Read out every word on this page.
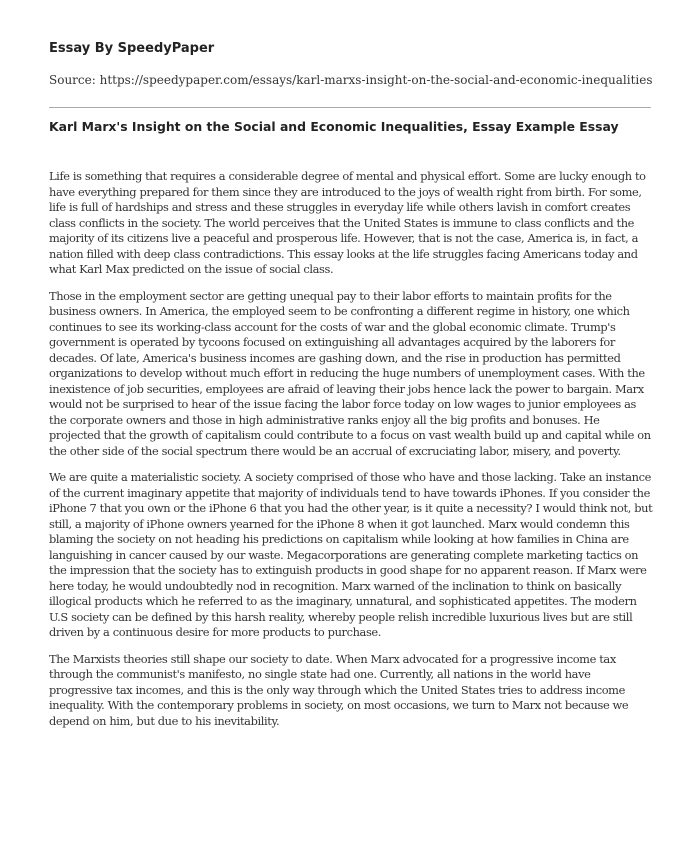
Essay By SpeedyPaper
Source: https://speedypaper.com/essays/karl-marxs-insight-on-the-social-and-economic-inequalities
Karl Marx's Insight on the Social and Economic Inequalities, Essay Example Essay

Life is something that requires a considerable degree of mental and physical effort. Some are lucky enough to have everything prepared for them since they are introduced to the joys of wealth right from birth. For some, life is full of hardships and stress and these struggles in everyday life while others lavish in comfort creates class conflicts in the society. The world perceives that the United States is immune to class conflicts and the majority of its citizens live a peaceful and prosperous life. However, that is not the case, America is, in fact, a nation filled with deep class contradictions. This essay looks at the life struggles facing Americans today and what Karl Max predicted on the issue of social class.

Those in the employment sector are getting unequal pay to their labor efforts to maintain profits for the business owners. In America, the employed seem to be confronting a different regime in history, one which continues to see its working-class account for the costs of war and the global economic climate. Trump's government is operated by tycoons focused on extinguishing all advantages acquired by the laborers for decades. Of late, America's business incomes are gashing down, and the rise in production has permitted organizations to develop without much effort in reducing the huge numbers of unemployment cases. With the inexistence of job securities, employees are afraid of leaving their jobs hence lack the power to bargain. Marx would not be surprised to hear of the issue facing the labor force today on low wages to junior employees as the corporate owners and those in high administrative ranks enjoy all the big profits and bonuses. He projected that the growth of capitalism could contribute to a focus on vast wealth build up and capital while on the other side of the social spectrum there would be an accrual of excruciating labor, misery, and poverty.

We are quite a materialistic society. A society comprised of those who have and those lacking. Take an instance of the current imaginary appetite that majority of individuals tend to have towards iPhones. If you consider the iPhone 7 that you own or the iPhone 6 that you had the other year, is it quite a necessity? I would think not, but still, a majority of iPhone owners yearned for the iPhone 8 when it got launched. Marx would condemn this blaming the society on not heading his predictions on capitalism while looking at how families in China are languishing in cancer caused by our waste. Megacorporations are generating complete marketing tactics on the impression that the society has to extinguish products in good shape for no apparent reason. If Marx were here today, he would undoubtedly nod in recognition. Marx warned of the inclination to think on basically illogical products which he referred to as the imaginary, unnatural, and sophisticated appetites. The modern U.S society can be defined by this harsh reality, whereby people relish incredible luxurious lives but are still driven by a continuous desire for more products to purchase.

The Marxists theories still shape our society to date. When Marx advocated for a progressive income tax through the communist's manifesto, no single state had one. Currently, all nations in the world have progressive tax incomes, and this is the only way through which the United States tries to address income inequality. With the contemporary problems in society, on most occasions, we turn to Marx not because we depend on him, but due to his inevitability.
